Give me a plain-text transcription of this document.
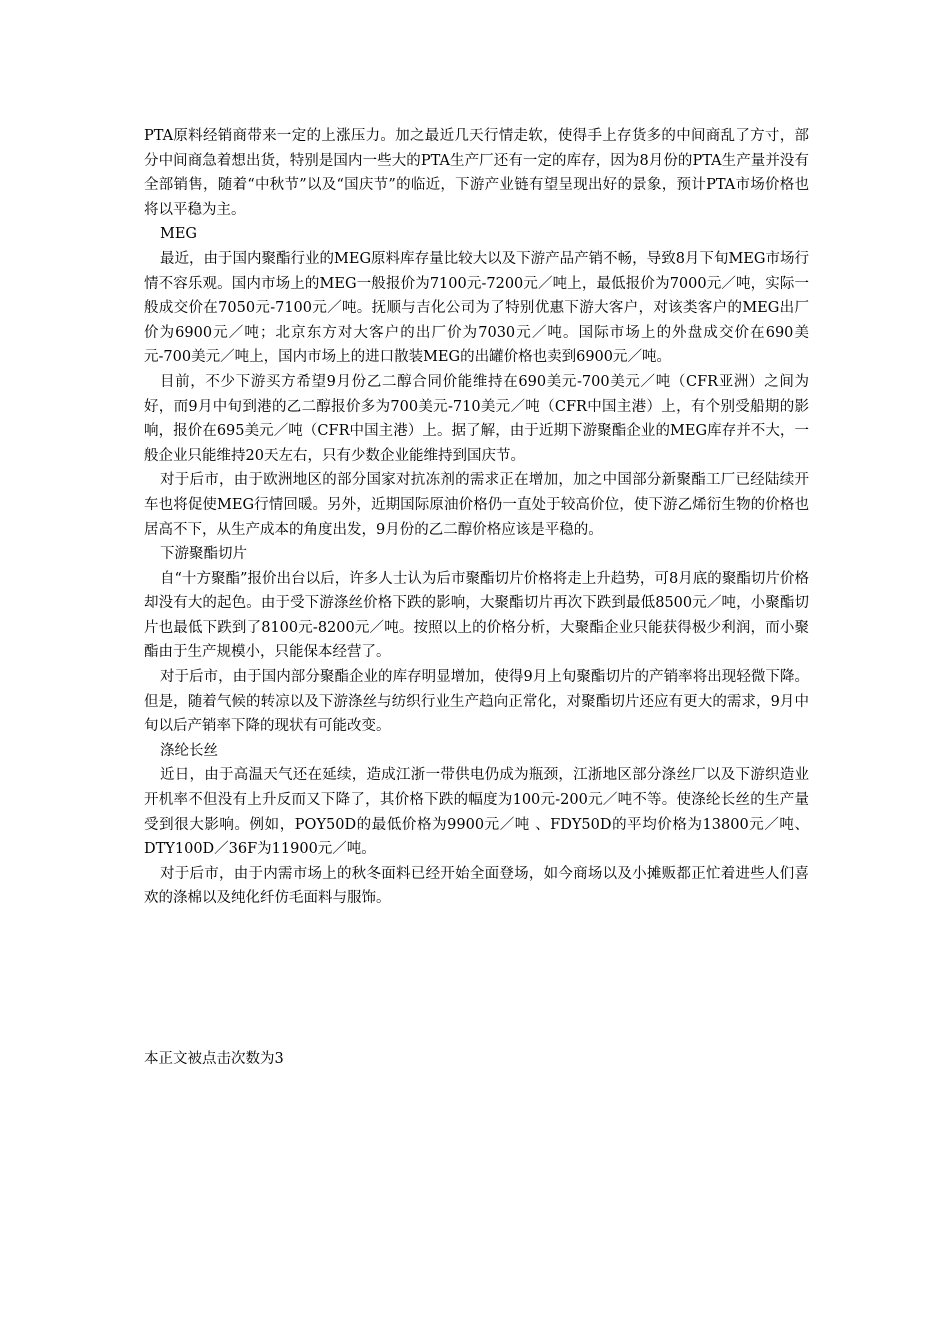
PTA原料经销商带来一定的上涨压力。加之最近几天行情走软，使得手上存货多的中间商乱了方寸，部分中间商急着想出货，特别是国内一些大的PTA生产厂还有一定的库存，因为8月份的PTA生产量并没有全部销售，随着“中秋节”以及“国庆节”的临近，下游产业链有望呈现出好的景象，预计PTA市场价格也将以平稳为主。

MEG

最近，由于国内聚酯行业的MEG原料库存量比较大以及下游产品产销不畅，导致8月下旬MEG市场行情不容乐观。国内市场上的MEG一般报价为7100元-7200元／吨上，最低报价为7000元／吨，实际一般成交价在7050元-7100元／吨。抚顺与吉化公司为了特别优惠下游大客户，对该类客户的MEG出厂价为6900元／吨；北京东方对大客户的出厂价为7030元／吨。国际市场上的外盘成交价在690美元-700美元／吨上，国内市场上的进口散装MEG的出罐价格也卖到6900元／吨。

目前，不少下游买方希望9月份乙二醇合同价能维持在690美元-700美元／吨（CFR亚洲）之间为好，而9月中旬到港的乙二醇报价多为700美元-710美元／吨（CFR中国主港）上，有个别受船期的影响，报价在695美元／吨（CFR中国主港）上。据了解，由于近期下游聚酯企业的MEG库存并不大，一般企业只能维持20天左右，只有少数企业能维持到国庆节。

对于后市，由于欧洲地区的部分国家对抗冻剂的需求正在增加，加之中国部分新聚酯工厂已经陆续开车也将促使MEG行情回暖。另外，近期国际原油价格仍一直处于较高价位，使下游乙烯衍生物的价格也居高不下，从生产成本的角度出发，9月份的乙二醇价格应该是平稳的。

下游聚酯切片

自“十方聚酯”报价出台以后，许多人士认为后市聚酯切片价格将走上升趋势，可8月底的聚酯切片价格却没有大的起色。由于受下游涤丝价格下跌的影响，大聚酯切片再次下跌到最低8500元／吨，小聚酯切片也最低下跌到了8100元-8200元／吨。按照以上的价格分析，大聚酯企业只能获得极少利润，而小聚酯由于生产规模小，只能保本经营了。

对于后市，由于国内部分聚酯企业的库存明显增加，使得9月上旬聚酯切片的产销率将出现轻微下降。但是，随着气候的转凉以及下游涤丝与纺织行业生产趋向正常化，对聚酯切片还应有更大的需求，9月中旬以后产销率下降的现状有可能改变。

涤纶长丝

近日，由于高温天气还在延续，造成江浙一带供电仍成为瓶颈，江浙地区部分涤丝厂以及下游织造业开机率不但没有上升反而又下降了，其价格下跌的幅度为100元-200元／吨不等。使涤纶长丝的生产量受到很大影响。例如，POY50D的最低价格为9900元／吨 、FDY50D的平均价格为13800元／吨、DTY100D／36F为11900元／吨。

对于后市，由于内需市场上的秋冬面料已经开始全面登场，如今商场以及小摊贩都正忙着进些人们喜欢的涤棉以及纯化纤仿毛面料与服饰。

本正文被点击次数为3
